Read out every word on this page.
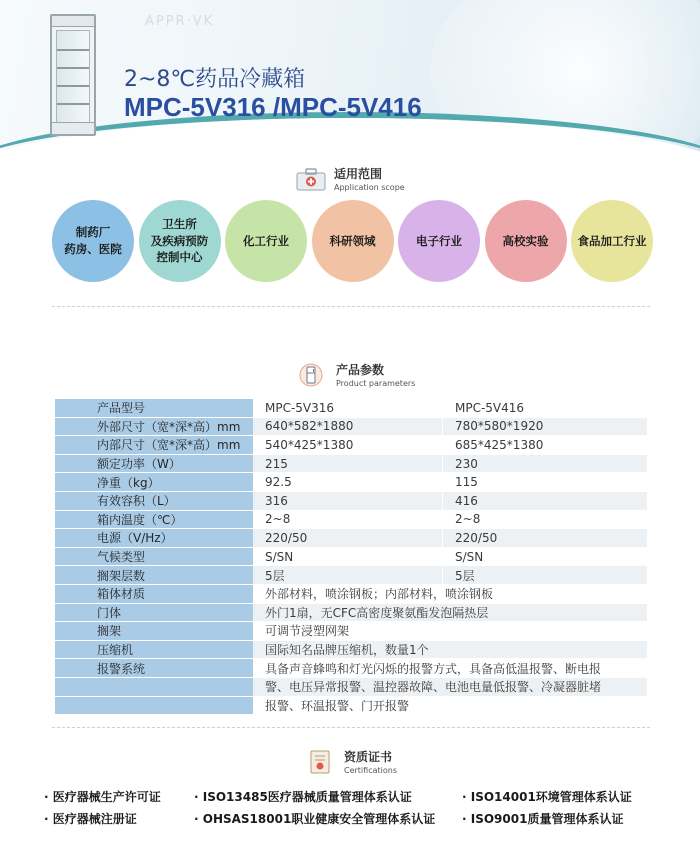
APPR·VK
2~8℃药品冷藏箱
MPC-5V316 /MPC-5V416
适用范围
Application scope
制药厂
药房、医院
卫生所
及疾病预防
控制中心
化工行业	科研领域	电子行业	高校实验	食品加工行业
产品参数
Product parameters
产品型号	MPC-5V316	MPC-5V416
外部尺寸（宽*深*高）mm	640*582*1880	780*580*1920
内部尺寸（宽*深*高）mm	540*425*1380	685*425*1380
额定功率（W）	215	230
净重（kg）	92.5	115
有效容积（L）	316	416
箱内温度（℃）	2~8	2~8
电源（V/Hz）	220/50	220/50
气候类型	S/SN	S/SN
搁架层数	5层	5层
箱体材质	外部材料，喷涂钢板；内部材料，喷涂钢板
门体	外门1扇，无CFC高密度聚氨酯发泡隔热层
搁架	可调节浸塑网架
压缩机	国际知名品牌压缩机，数量1个
报警系统	具备声音蜂鸣和灯光闪烁的报警方式，具备高低温报警、断电报
警、电压异常报警、温控器故障、电池电量低报警、冷凝器脏堵
报警、环温报警、门开报警
资质证书
Certifications
· 医疗器械生产许可证	· ISO13485医疗器械质量管理体系认证	· ISO14001环境管理体系认证
· 医疗器械注册证	· OHSAS18001职业健康安全管理体系认证 · ISO9001质量管理体系认证
